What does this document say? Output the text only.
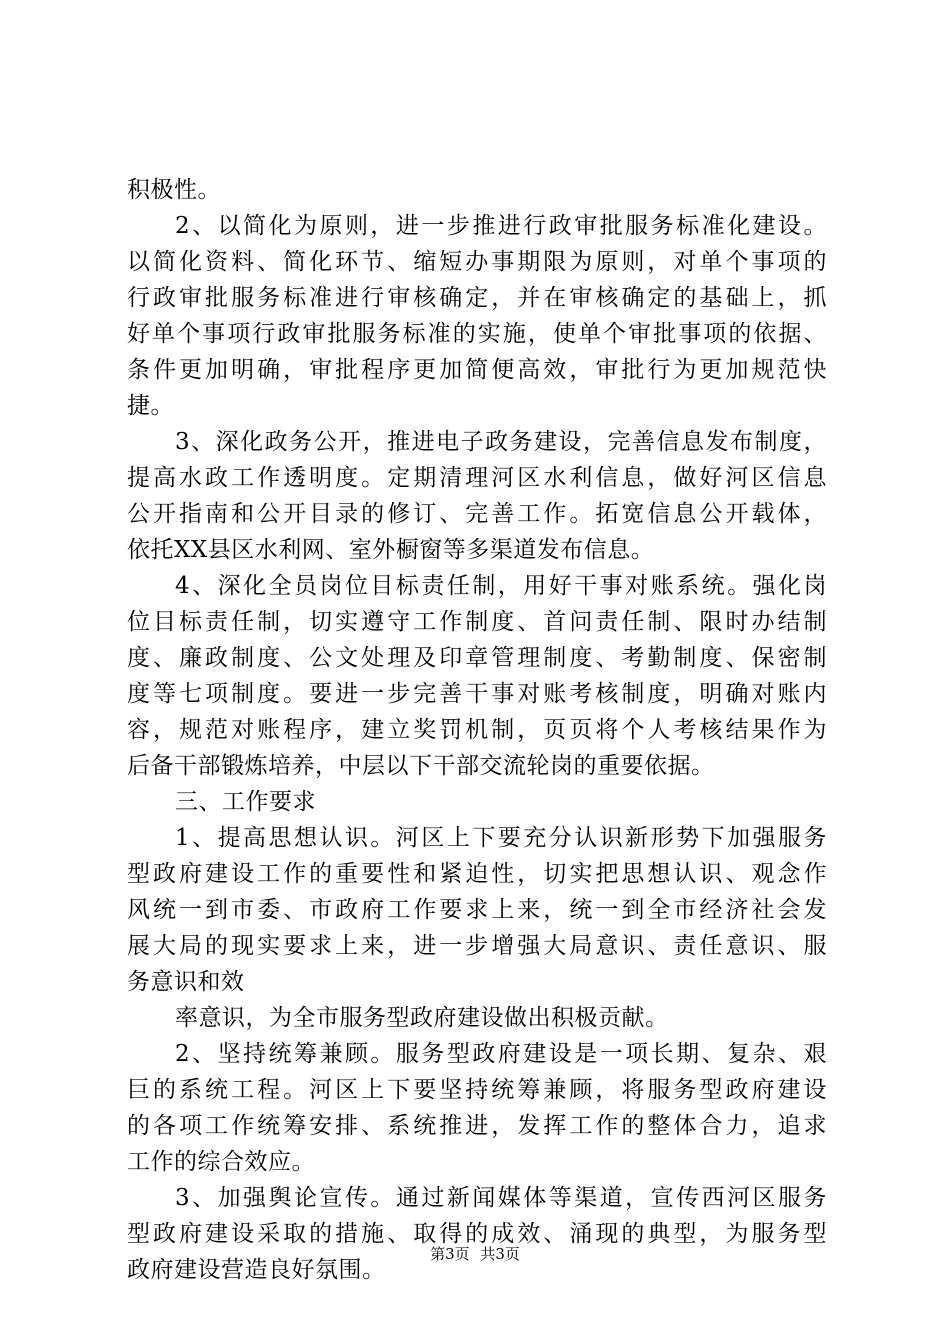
积极性。
2、以简化为原则，进一步推进行政审批服务标准化建设。
以简化资料、简化环节、缩短办事期限为原则，对单个事项的
行政审批服务标准进行审核确定，并在审核确定的基础上，抓
好单个事项行政审批服务标准的实施，使单个审批事项的依据、
条件更加明确，审批程序更加简便高效，审批行为更加规范快
捷。
3、深化政务公开，推进电子政务建设，完善信息发布制度，
提高水政工作透明度。定期清理河区水利信息，做好河区信息
公开指南和公开目录的修订、完善工作。拓宽信息公开载体，
依托XX县区水利网、室外橱窗等多渠道发布信息。
4、深化全员岗位目标责任制，用好干事对账系统。强化岗
位目标责任制，切实遵守工作制度、首问责任制、限时办结制
度、廉政制度、公文处理及印章管理制度、考勤制度、保密制
度等七项制度。要进一步完善干事对账考核制度，明确对账内
容，规范对账程序，建立奖罚机制，页页将个人考核结果作为
后备干部锻炼培养，中层以下干部交流轮岗的重要依据。
三、工作要求
1、提高思想认识。河区上下要充分认识新形势下加强服务
型政府建设工作的重要性和紧迫性，切实把思想认识、观念作
风统一到市委、市政府工作要求上来，统一到全市经济社会发
展大局的现实要求上来，进一步增强大局意识、责任意识、服
务意识和效
率意识，为全市服务型政府建设做出积极贡献。
2、坚持统筹兼顾。服务型政府建设是一项长期、复杂、艰
巨的系统工程。河区上下要坚持统筹兼顾，将服务型政府建设
的各项工作统筹安排、系统推进，发挥工作的整体合力，追求
工作的综合效应。
3、加强舆论宣传。通过新闻媒体等渠道，宣传西河区服务
型政府建设采取的措施、取得的成效、涌现的典型，为服务型
政府建设营造良好氛围。
第3页 共3页
